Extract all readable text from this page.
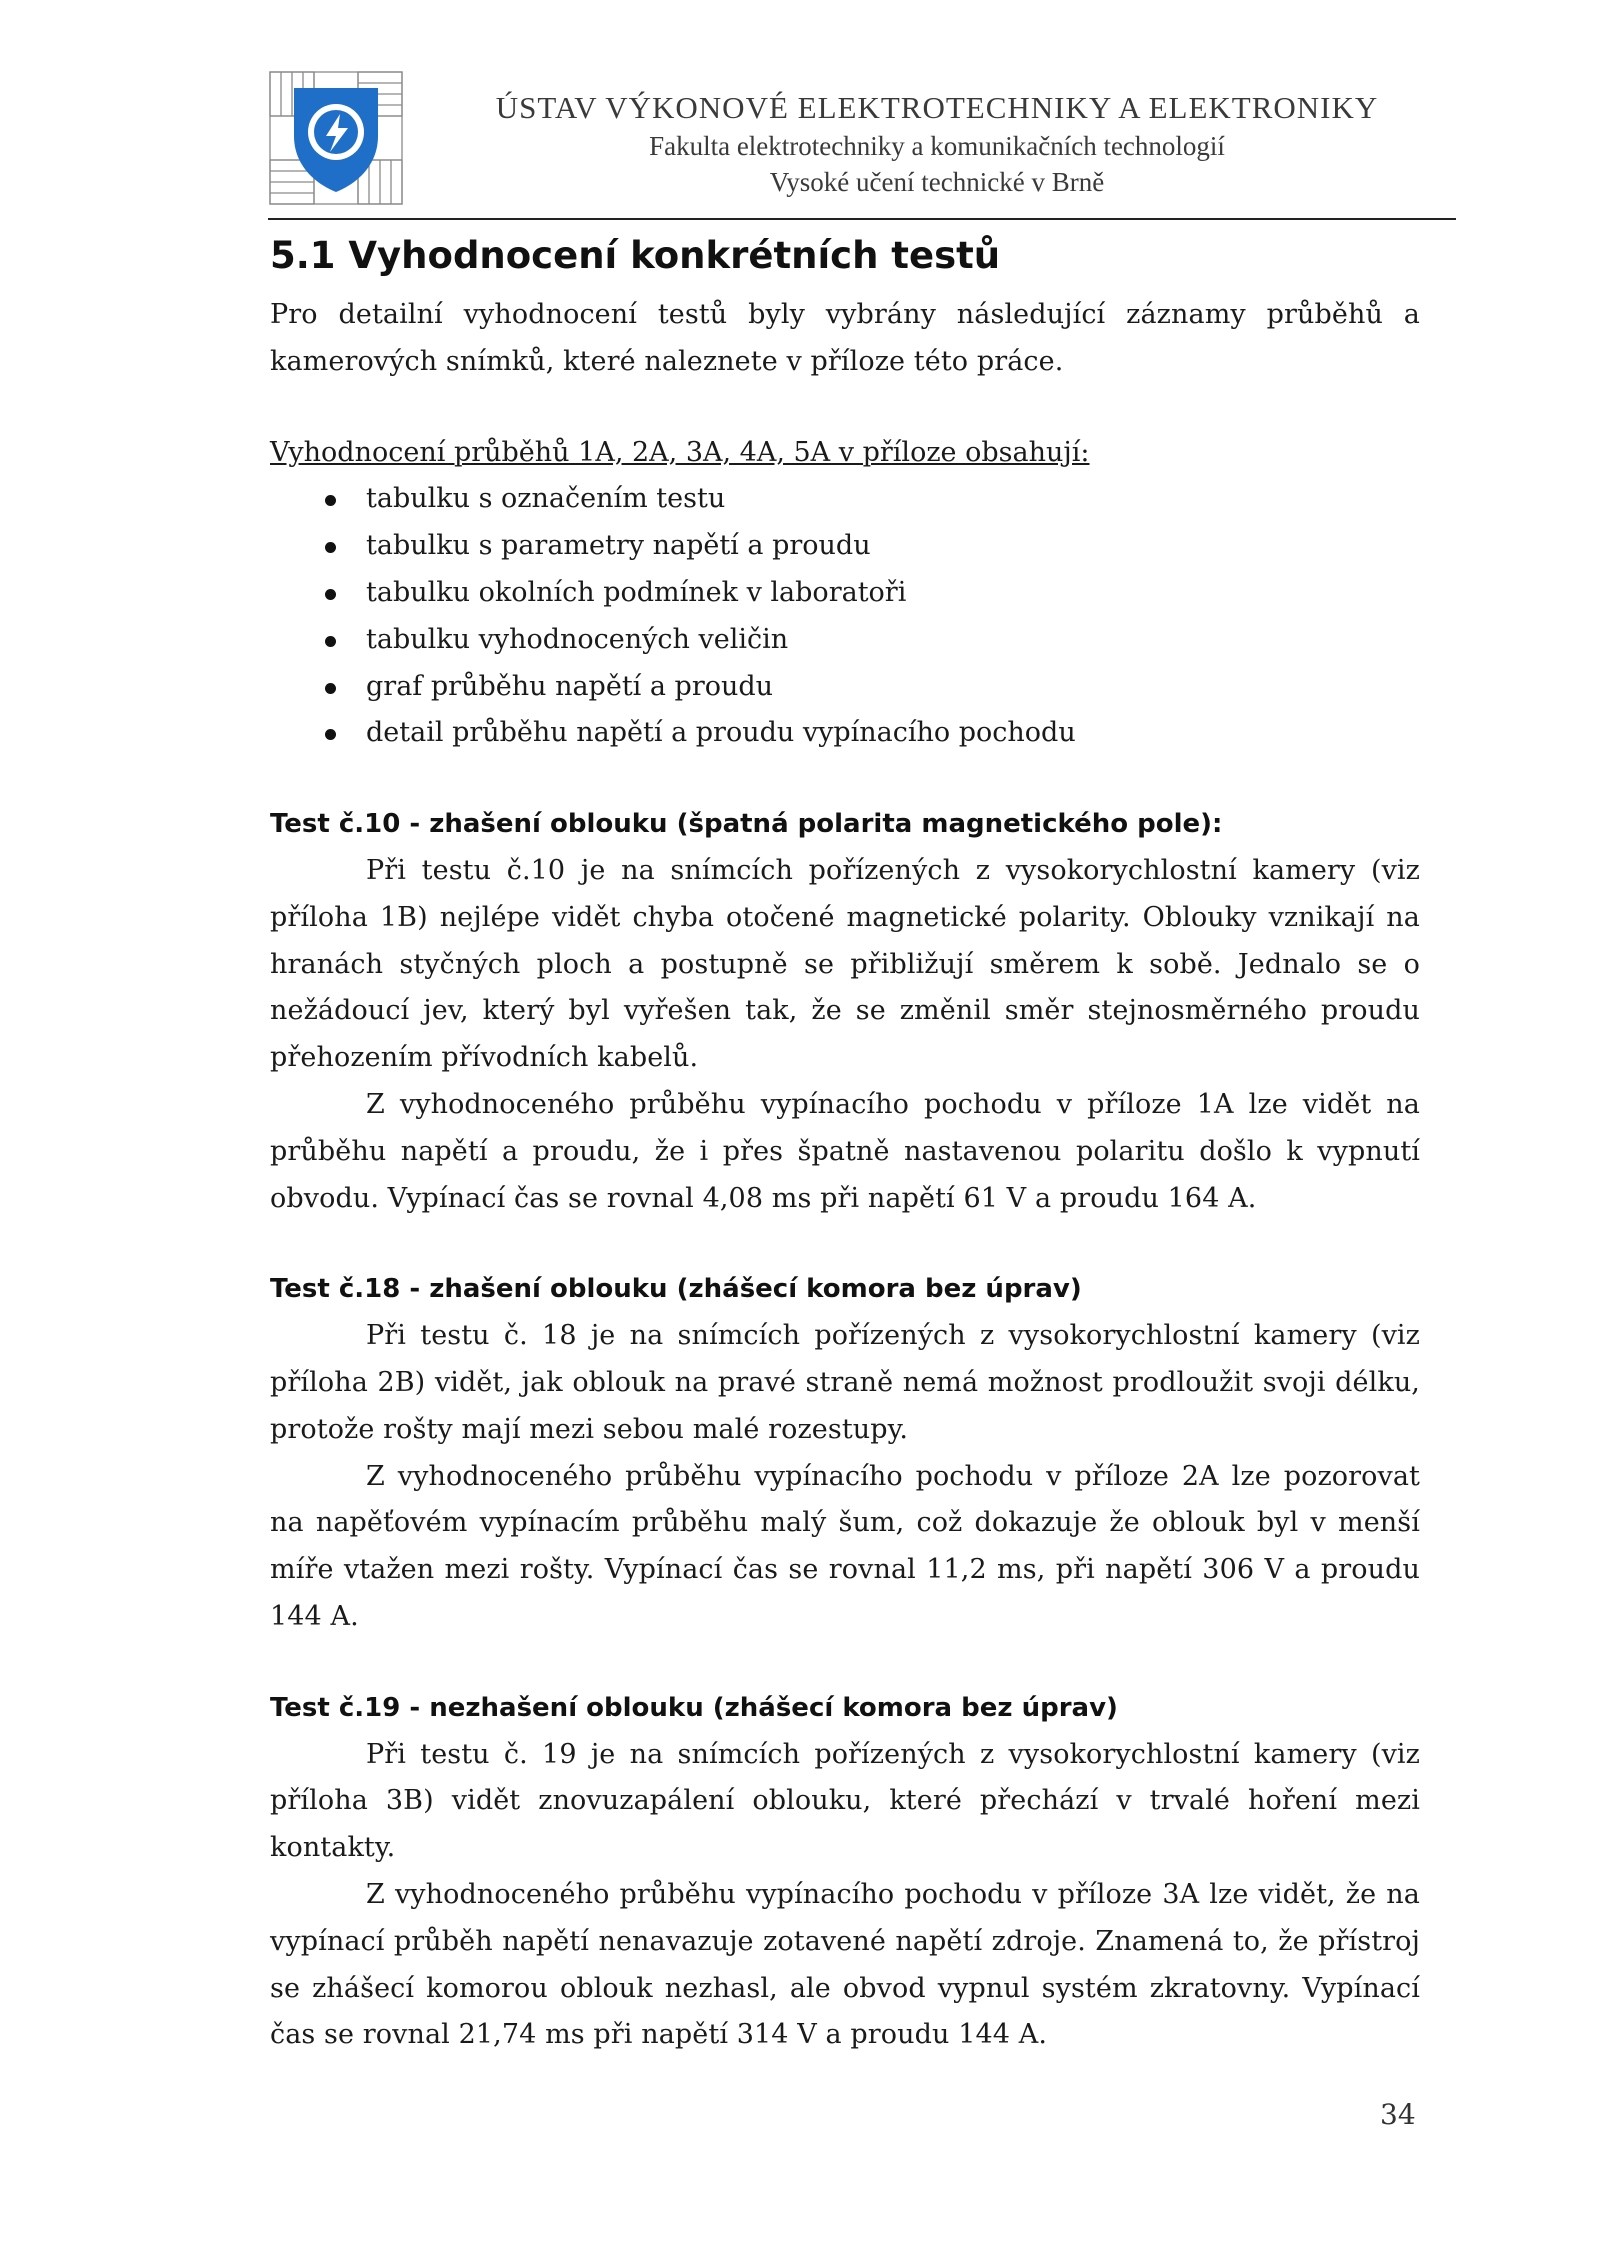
ÚSTAV VÝKONOVÉ ELEKTROTECHNIKY A ELEKTRONIKY
Fakulta elektrotechniky a komunikačních technologií
Vysoké učení technické v Brně
5.1 Vyhodnocení konkrétních testů

Pro detailní vyhodnocení testů byly vybrány následující záznamy průběhů a kamerových snímků, které naleznete v příloze této práce.

Vyhodnocení průběhů 1A, 2A, 3A, 4A, 5A v příloze obsahují:

tabulku s označením testu
tabulku s parametry napětí a proudu
tabulku okolních podmínek v laboratoři
tabulku vyhodnocených veličin
graf průběhu napětí a proudu
detail průběhu napětí a proudu vypínacího pochodu

Test č.10 - zhašení oblouku (špatná polarita magnetického pole):

Při testu č.10 je na snímcích pořízených z vysokorychlostní kamery (viz příloha 1B) nejlépe vidět chyba otočené magnetické polarity. Oblouky vznikají na hranách styčných ploch a postupně se přibližují směrem k sobě. Jednalo se o nežádoucí jev, který byl vyřešen tak, že se změnil směr stejnosměrného proudu přehozením přívodních kabelů.

Z vyhodnoceného průběhu vypínacího pochodu v příloze 1A lze vidět na průběhu napětí a proudu, že i přes špatně nastavenou polaritu došlo k vypnutí obvodu. Vypínací čas se rovnal 4,08 ms při napětí 61 V a proudu 164 A.

Test č.18 - zhašení oblouku (zhášecí komora bez úprav)

Při testu č. 18 je na snímcích pořízených z vysokorychlostní kamery (viz příloha 2B) vidět, jak oblouk na pravé straně nemá možnost prodloužit svoji délku, protože rošty mají mezi sebou malé rozestupy.

Z vyhodnoceného průběhu vypínacího pochodu v příloze 2A lze pozorovat na napěťovém vypínacím průběhu malý šum, což dokazuje že oblouk byl v menší míře vtažen mezi rošty. Vypínací čas se rovnal 11,2 ms, při napětí 306 V a proudu 144 A.

Test č.19 - nezhašení oblouku (zhášecí komora bez úprav)

Při testu č. 19 je na snímcích pořízených z vysokorychlostní kamery (viz příloha 3B) vidět znovuzapálení oblouku, které přechází v trvalé hoření mezi kontakty.

Z vyhodnoceného průběhu vypínacího pochodu v příloze 3A lze vidět, že na vypínací průběh napětí nenavazuje zotavené napětí zdroje. Znamená to, že přístroj se zhášecí komorou oblouk nezhasl, ale obvod vypnul systém zkratovny. Vypínací čas se rovnal 21,74 ms při napětí 314 V a proudu 144 A.

34
